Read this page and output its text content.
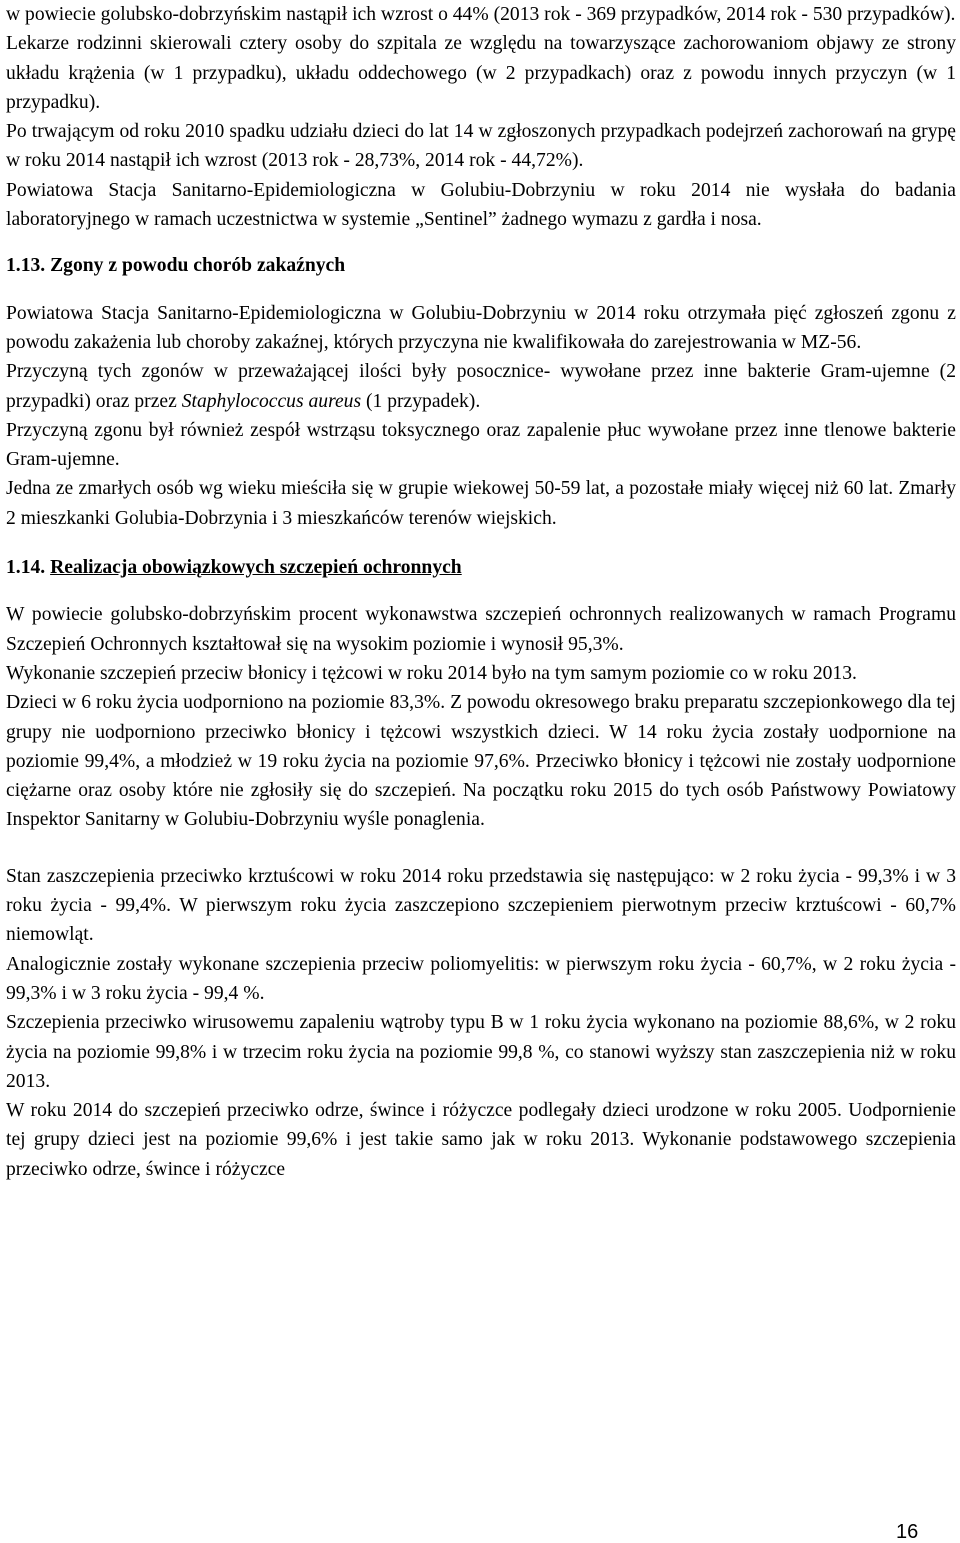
w powiecie golubsko-dobrzyńskim nastąpił ich wzrost o 44% (2013 rok - 369 przypadków, 2014 rok - 530 przypadków).

Lekarze rodzinni skierowali cztery osoby do szpitala ze względu na towarzyszące zachorowaniom objawy ze strony układu krążenia (w 1 przypadku), układu oddechowego (w 2 przypadkach) oraz z powodu innych przyczyn (w 1 przypadku).

Po trwającym od roku 2010 spadku udziału dzieci do lat 14 w zgłoszonych przypadkach podejrzeń zachorowań na grypę w roku 2014 nastąpił ich wzrost (2013 rok - 28,73%, 2014 rok - 44,72%).

Powiatowa Stacja Sanitarno-Epidemiologiczna w Golubiu-Dobrzyniu w roku 2014 nie wysłała do badania laboratoryjnego w ramach uczestnictwa w systemie „Sentinel” żadnego wymazu z gardła i nosa.

1.13. Zgony z powodu chorób zakaźnych

Powiatowa Stacja Sanitarno-Epidemiologiczna w Golubiu-Dobrzyniu w 2014 roku otrzymała pięć zgłoszeń zgonu z powodu zakażenia lub choroby zakaźnej, których przyczyna nie kwalifikowała do zarejestrowania w MZ-56.

Przyczyną tych zgonów w przeważającej ilości były posocznice- wywołane przez inne bakterie Gram-ujemne (2 przypadki) oraz przez Staphylococcus aureus (1 przypadek).

Przyczyną zgonu był również zespół wstrząsu toksycznego oraz zapalenie płuc wywołane przez inne tlenowe bakterie Gram-ujemne.

Jedna ze zmarłych osób wg wieku mieściła się w grupie wiekowej 50-59 lat, a pozostałe miały więcej niż 60 lat. Zmarły 2 mieszkanki Golubia-Dobrzynia i 3 mieszkańców terenów wiejskich.

1.14. Realizacja obowiązkowych szczepień ochronnych

W powiecie golubsko-dobrzyńskim procent wykonawstwa szczepień ochronnych realizowanych w ramach Programu Szczepień Ochronnych kształtował się na wysokim poziomie i wynosił 95,3%.

Wykonanie szczepień przeciw błonicy i tężcowi w roku 2014 było na tym samym poziomie co w roku 2013.

Dzieci w 6 roku życia uodporniono na poziomie 83,3%. Z powodu okresowego braku preparatu szczepionkowego dla tej grupy nie uodporniono przeciwko błonicy i tężcowi wszystkich dzieci. W 14 roku życia zostały uodpornione na poziomie 99,4%, a młodzież w 19 roku życia na poziomie 97,6%. Przeciwko błonicy i tężcowi nie zostały uodpornione ciężarne oraz osoby które nie zgłosiły się do szczepień. Na początku roku 2015 do tych osób Państwowy Powiatowy Inspektor Sanitarny w Golubiu-Dobrzyniu wyśle ponaglenia.

Stan zaszczepienia przeciwko krztuścowi w roku 2014 roku przedstawia się następująco: w 2 roku życia - 99,3% i w 3 roku życia - 99,4%. W pierwszym roku życia zaszczepiono szczepieniem pierwotnym przeciw krztuścowi - 60,7% niemowląt.

Analogicznie zostały wykonane szczepienia przeciw poliomyelitis: w pierwszym roku życia - 60,7%, w 2 roku życia - 99,3% i w 3 roku życia - 99,4 %.

Szczepienia przeciwko wirusowemu zapaleniu wątroby typu B w 1 roku życia wykonano na poziomie 88,6%, w 2 roku życia na poziomie 99,8% i w trzecim roku życia na poziomie 99,8 %, co stanowi wyższy stan zaszczepienia niż w roku 2013.

W roku 2014 do szczepień przeciwko odrze, śwince i różyczce podlegały dzieci urodzone w roku 2005. Uodpornienie tej grupy dzieci jest na poziomie 99,6% i jest takie samo jak w roku 2013. Wykonanie podstawowego szczepienia przeciwko odrze, śwince i różyczce

16
